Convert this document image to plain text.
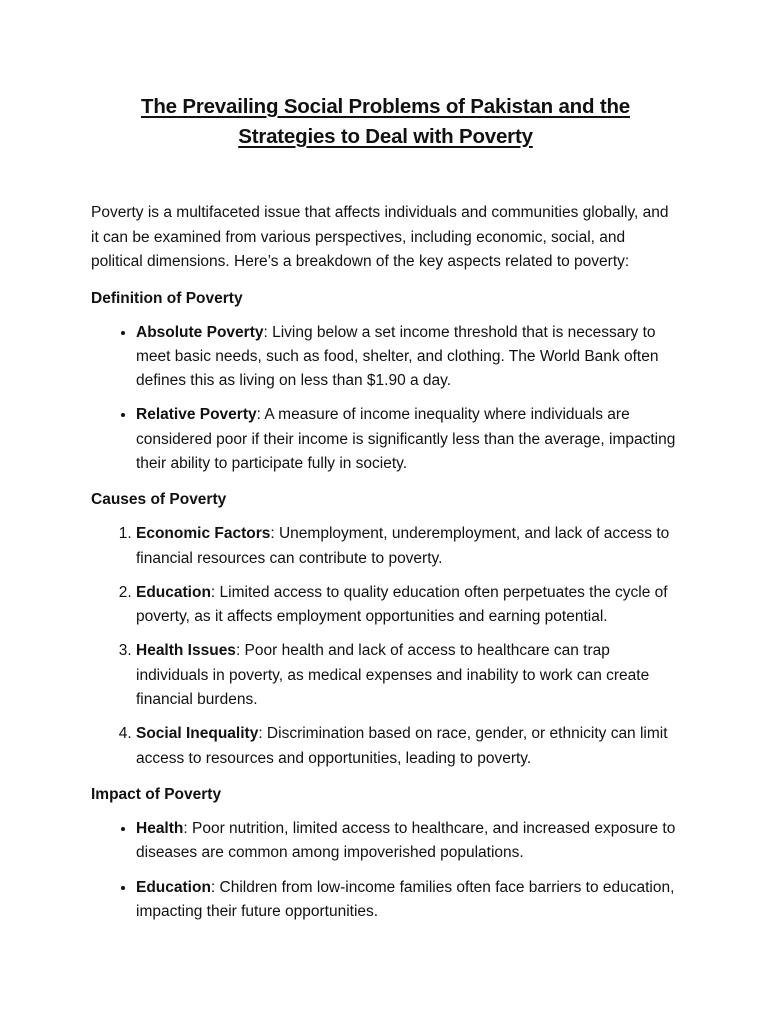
The Prevailing Social Problems of Pakistan and the Strategies to Deal with Poverty

Poverty is a multifaceted issue that affects individuals and communities globally, and it can be examined from various perspectives, including economic, social, and political dimensions. Here’s a breakdown of the key aspects related to poverty:

Definition of Poverty

• Absolute Poverty: Living below a set income threshold that is necessary to meet basic needs, such as food, shelter, and clothing. The World Bank often defines this as living on less than $1.90 a day.
• Relative Poverty: A measure of income inequality where individuals are considered poor if their income is significantly less than the average, impacting their ability to participate fully in society.

Causes of Poverty

1. Economic Factors: Unemployment, underemployment, and lack of access to financial resources can contribute to poverty.
2. Education: Limited access to quality education often perpetuates the cycle of poverty, as it affects employment opportunities and earning potential.
3. Health Issues: Poor health and lack of access to healthcare can trap individuals in poverty, as medical expenses and inability to work can create financial burdens.
4. Social Inequality: Discrimination based on race, gender, or ethnicity can limit access to resources and opportunities, leading to poverty.

Impact of Poverty

• Health: Poor nutrition, limited access to healthcare, and increased exposure to diseases are common among impoverished populations.
• Education: Children from low-income families often face barriers to education, impacting their future opportunities.
